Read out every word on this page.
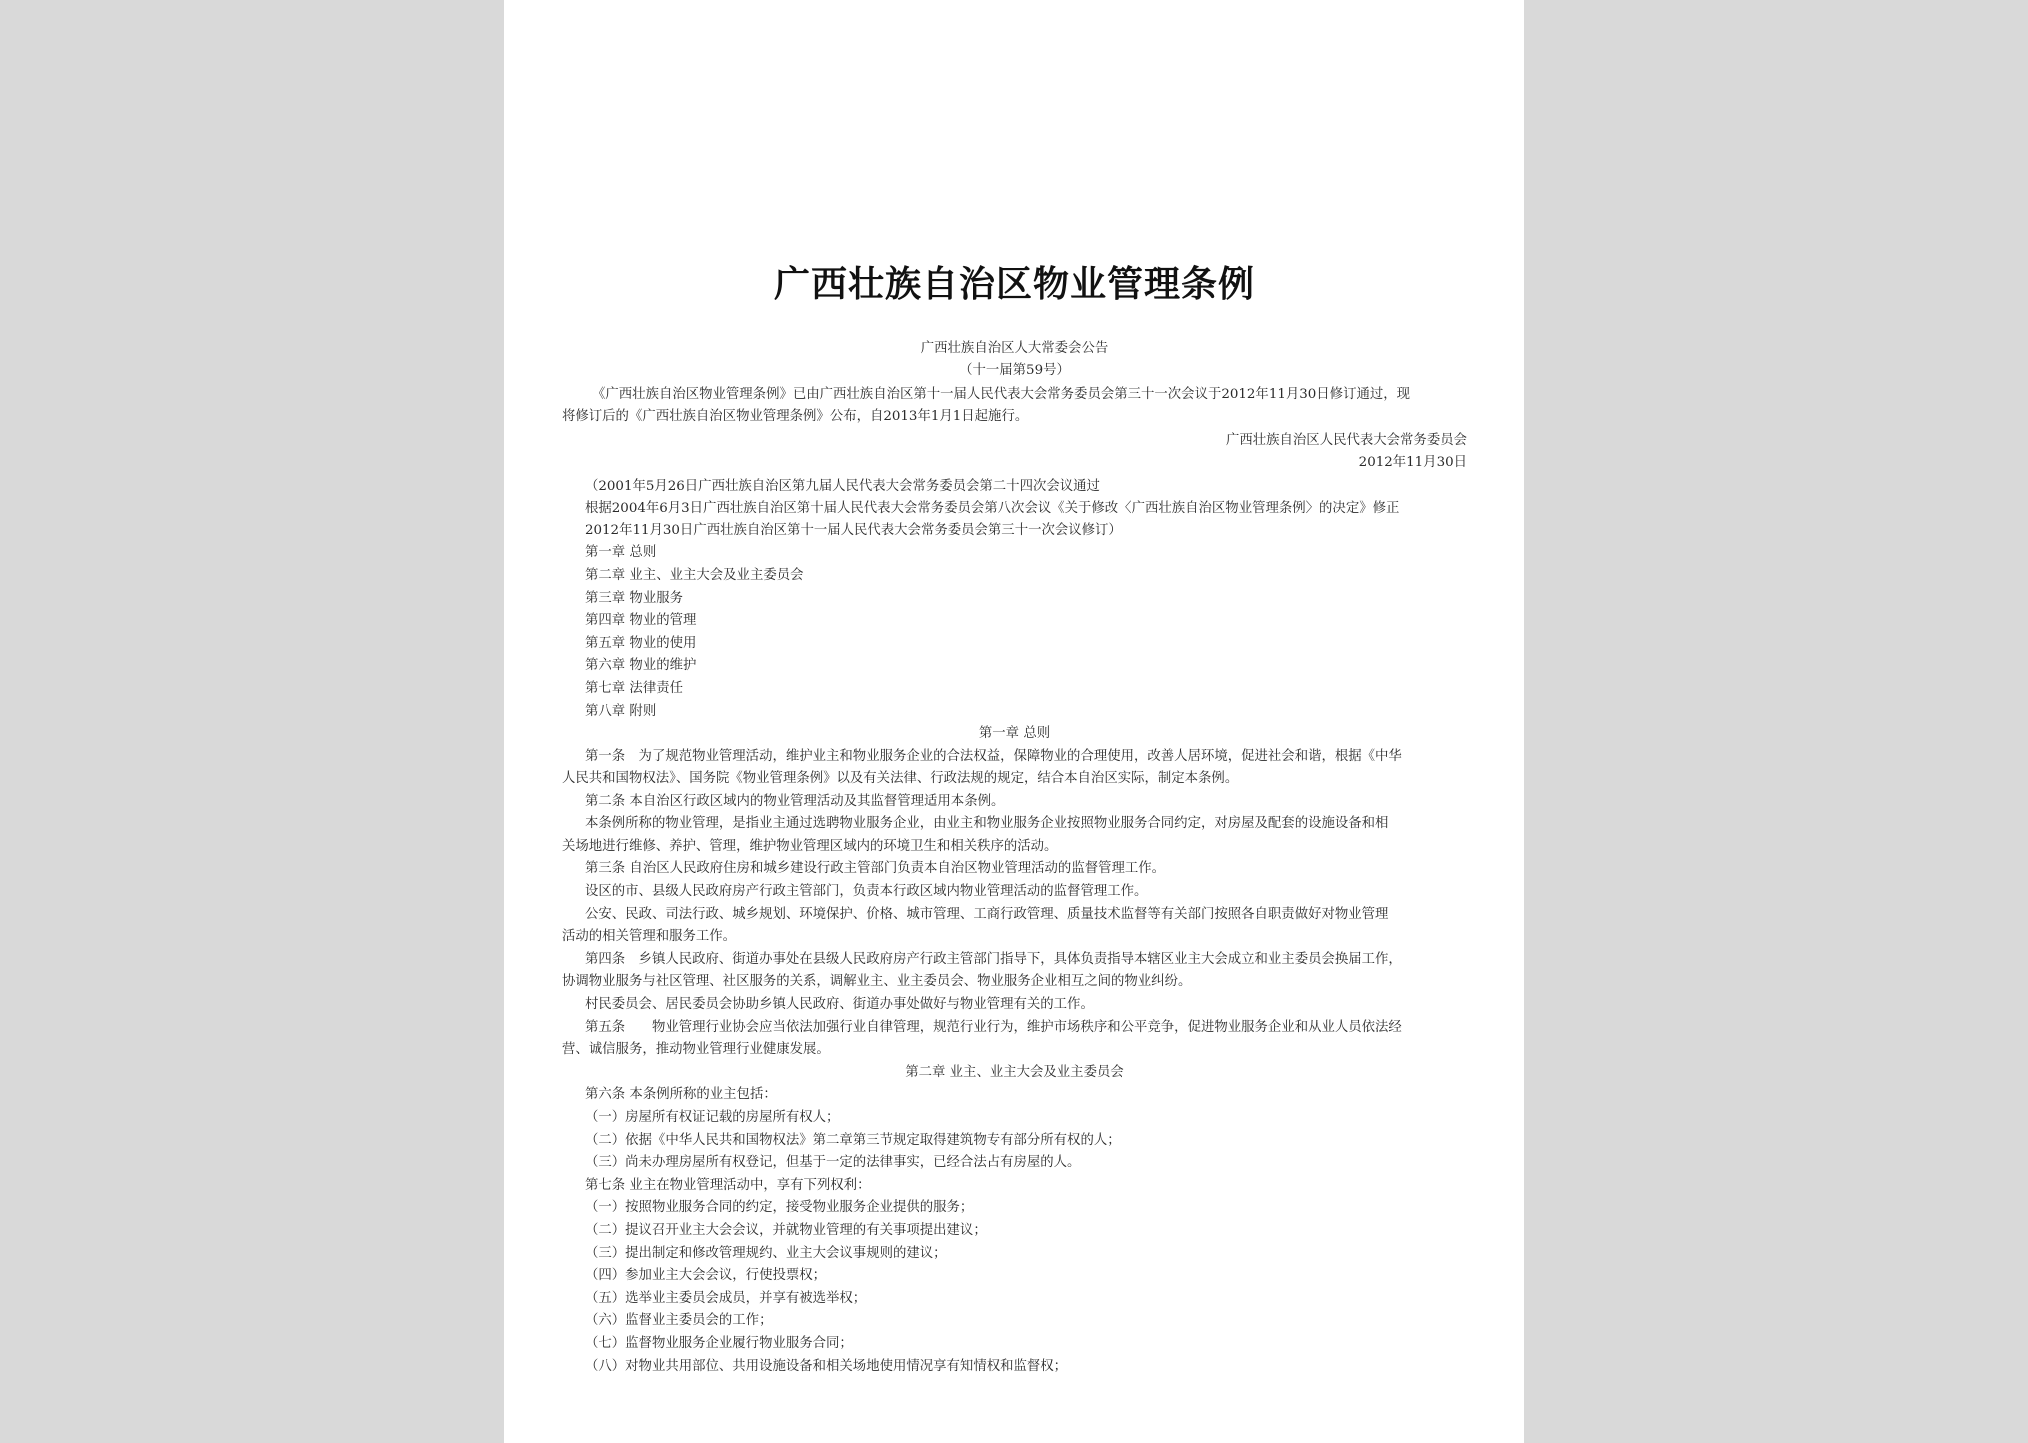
广西壮族自治区物业管理条例
广西壮族自治区人大常委会公告
（十一届第59号）
《广西壮族自治区物业管理条例》已由广西壮族自治区第十一届人民代表大会常务委员会第三十一次会议于2012年11月30日修订通过，现
将修订后的《广西壮族自治区物业管理条例》公布，自2013年1月1日起施行。
广西壮族自治区人民代表大会常务委员会
2012年11月30日
（2001年5月26日广西壮族自治区第九届人民代表大会常务委员会第二十四次会议通过
根据2004年6月3日广西壮族自治区第十届人民代表大会常务委员会第八次会议《关于修改〈广西壮族自治区物业管理条例〉的决定》修正
2012年11月30日广西壮族自治区第十一届人民代表大会常务委员会第三十一次会议修订）
第一章 总则
第二章 业主、业主大会及业主委员会
第三章 物业服务
第四章 物业的管理
第五章 物业的使用
第六章 物业的维护
第七章 法律责任
第八章 附则
第一章 总则
第一条　为了规范物业管理活动，维护业主和物业服务企业的合法权益，保障物业的合理使用，改善人居环境，促进社会和谐，根据《中华
人民共和国物权法》、国务院《物业管理条例》以及有关法律、行政法规的规定，结合本自治区实际，制定本条例。
第二条 本自治区行政区域内的物业管理活动及其监督管理适用本条例。
本条例所称的物业管理，是指业主通过选聘物业服务企业，由业主和物业服务企业按照物业服务合同约定，对房屋及配套的设施设备和相
关场地进行维修、养护、管理，维护物业管理区域内的环境卫生和相关秩序的活动。
第三条 自治区人民政府住房和城乡建设行政主管部门负责本自治区物业管理活动的监督管理工作。
设区的市、县级人民政府房产行政主管部门，负责本行政区域内物业管理活动的监督管理工作。
公安、民政、司法行政、城乡规划、环境保护、价格、城市管理、工商行政管理、质量技术监督等有关部门按照各自职责做好对物业管理
活动的相关管理和服务工作。
第四条　乡镇人民政府、街道办事处在县级人民政府房产行政主管部门指导下，具体负责指导本辖区业主大会成立和业主委员会换届工作，
协调物业服务与社区管理、社区服务的关系，调解业主、业主委员会、物业服务企业相互之间的物业纠纷。
村民委员会、居民委员会协助乡镇人民政府、街道办事处做好与物业管理有关的工作。
第五条　　物业管理行业协会应当依法加强行业自律管理，规范行业行为，维护市场秩序和公平竞争，促进物业服务企业和从业人员依法经
营、诚信服务，推动物业管理行业健康发展。
第二章 业主、业主大会及业主委员会
第六条 本条例所称的业主包括：
（一）房屋所有权证记载的房屋所有权人；
（二）依据《中华人民共和国物权法》第二章第三节规定取得建筑物专有部分所有权的人；
（三）尚未办理房屋所有权登记，但基于一定的法律事实，已经合法占有房屋的人。
第七条 业主在物业管理活动中，享有下列权利：
（一）按照物业服务合同的约定，接受物业服务企业提供的服务；
（二）提议召开业主大会会议，并就物业管理的有关事项提出建议；
（三）提出制定和修改管理规约、业主大会议事规则的建议；
（四）参加业主大会会议，行使投票权；
（五）选举业主委员会成员，并享有被选举权；
（六）监督业主委员会的工作；
（七）监督物业服务企业履行物业服务合同；
（八）对物业共用部位、共用设施设备和相关场地使用情况享有知情权和监督权；
